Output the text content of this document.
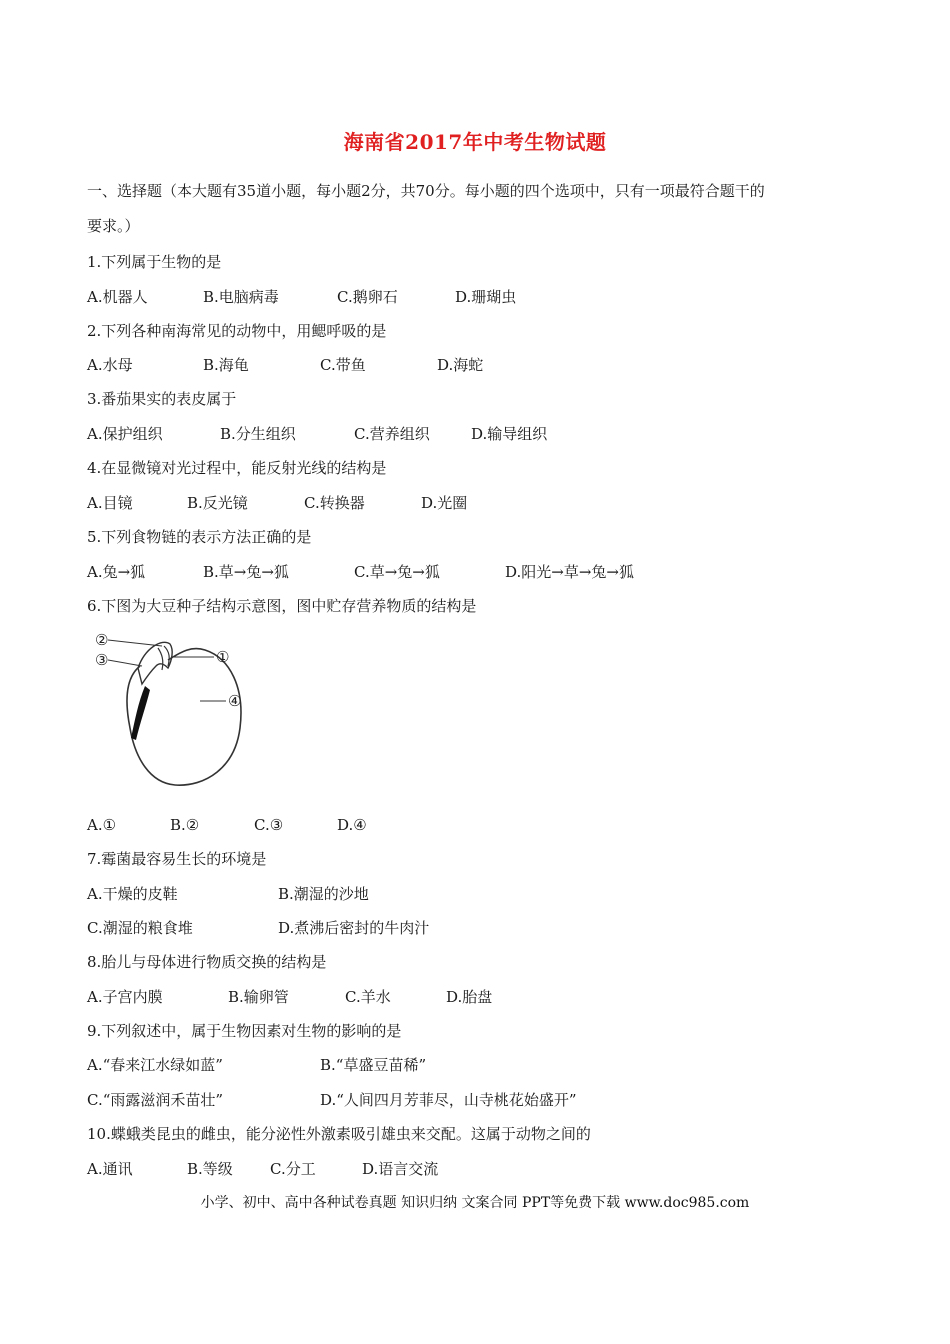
海南省2017年中考生物试题
一、选择题（本大题有35道小题，每小题2分，共70分。每小题的四个选项中，只有一项最符合题干的
要求。）
1.下列属于生物的是
A.机器人	B.电脑病毒	C.鹅卵石	D.珊瑚虫
2.下列各种南海常见的动物中，用鳃呼吸的是
A.水母	B.海龟	C.带鱼	D.海蛇
3.番茄果实的表皮属于
A.保护组织	B.分生组织	C.营养组织	D.输导组织
4.在显微镜对光过程中，能反射光线的结构是
A.目镜	B.反光镜	C.转换器	D.光圈
5.下列食物链的表示方法正确的是
A.兔→狐	B.草→兔→狐	C.草→兔→狐	D.阳光→草→兔→狐
6.下图为大豆种子结构示意图，图中贮存营养物质的结构是
②
③	①
④
A.①	B.②	C.③	D.④
7.霉菌最容易生长的环境是
A.干燥的皮鞋	B.潮湿的沙地
C.潮湿的粮食堆	D.煮沸后密封的牛肉汁
8.胎儿与母体进行物质交换的结构是
A.子宫内膜	B.输卵管	C.羊水	D.胎盘
9.下列叙述中，属于生物因素对生物的影响的是
A.“春来江水绿如蓝”	B.“草盛豆苗稀”
C.“雨露滋润禾苗壮”	D.“人间四月芳菲尽，山寺桃花始盛开”
10.蝶蛾类昆虫的雌虫，能分泌性外激素吸引雄虫来交配。这属于动物之间的
A.通讯	B.等级 C.分工	D.语言交流
小学、初中、高中各种试卷真题 知识归纳 文案合同 PPT等免费下载 www.doc985.com
